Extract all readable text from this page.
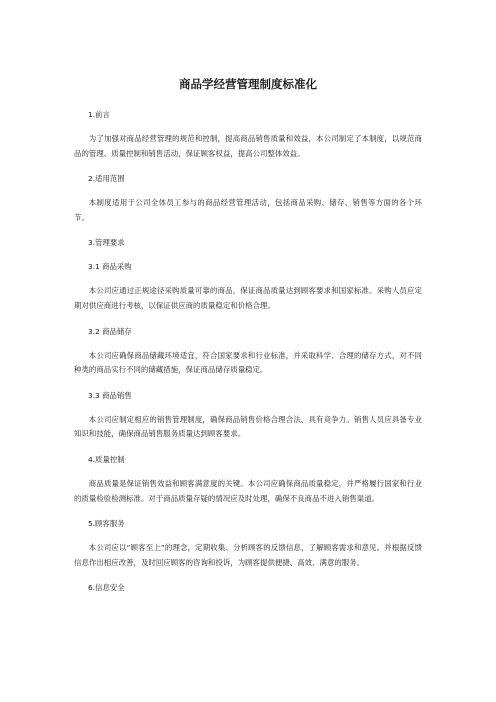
商品学经营管理制度标准化
1.前言

为了加强对商品经营管理的规范和控制，提高商品销售质量和效益，本公司制定了本制度，以规范商品的管理、质量控制和销售活动，保证顾客权益，提高公司整体效益。

2.适用范围

本制度适用于公司全体员工参与的商品经营管理活动，包括商品采购、储存、销售等方面的各个环节。

3.管理要求
3.1 商品采购

本公司应通过正规途径采购质量可靠的商品，保证商品质量达到顾客要求和国家标准。采购人员应定期对供应商进行考核，以保证供应商的质量稳定和价格合理。

3.2 商品储存

本公司应确保商品储藏环境适宜，符合国家要求和行业标准，并采取科学、合理的储存方式，对不同种类的商品实行不同的储藏措施，保证商品储存质量稳定。

3.3 商品销售

本公司应制定相应的销售管理制度，确保商品销售价格合理合法、具有竞争力。销售人员应具备专业知识和技能，确保商品销售服务质量达到顾客要求。

4.质量控制

商品质量是保证销售效益和顾客满意度的关键。本公司应确保商品质量稳定，并严格履行国家和行业的质量检验检测标准。对于商品质量存疑的情况应及时处理，确保不良商品不进入销售渠道。

5.顾客服务

本公司应以“顾客至上”的理念，定期收集、分析顾客的反馈信息，了解顾客需求和意见。并根据反馈信息作出相应改善，及时回应顾客的咨询和投诉，为顾客提供便捷、高效、满意的服务。

6.信息安全
